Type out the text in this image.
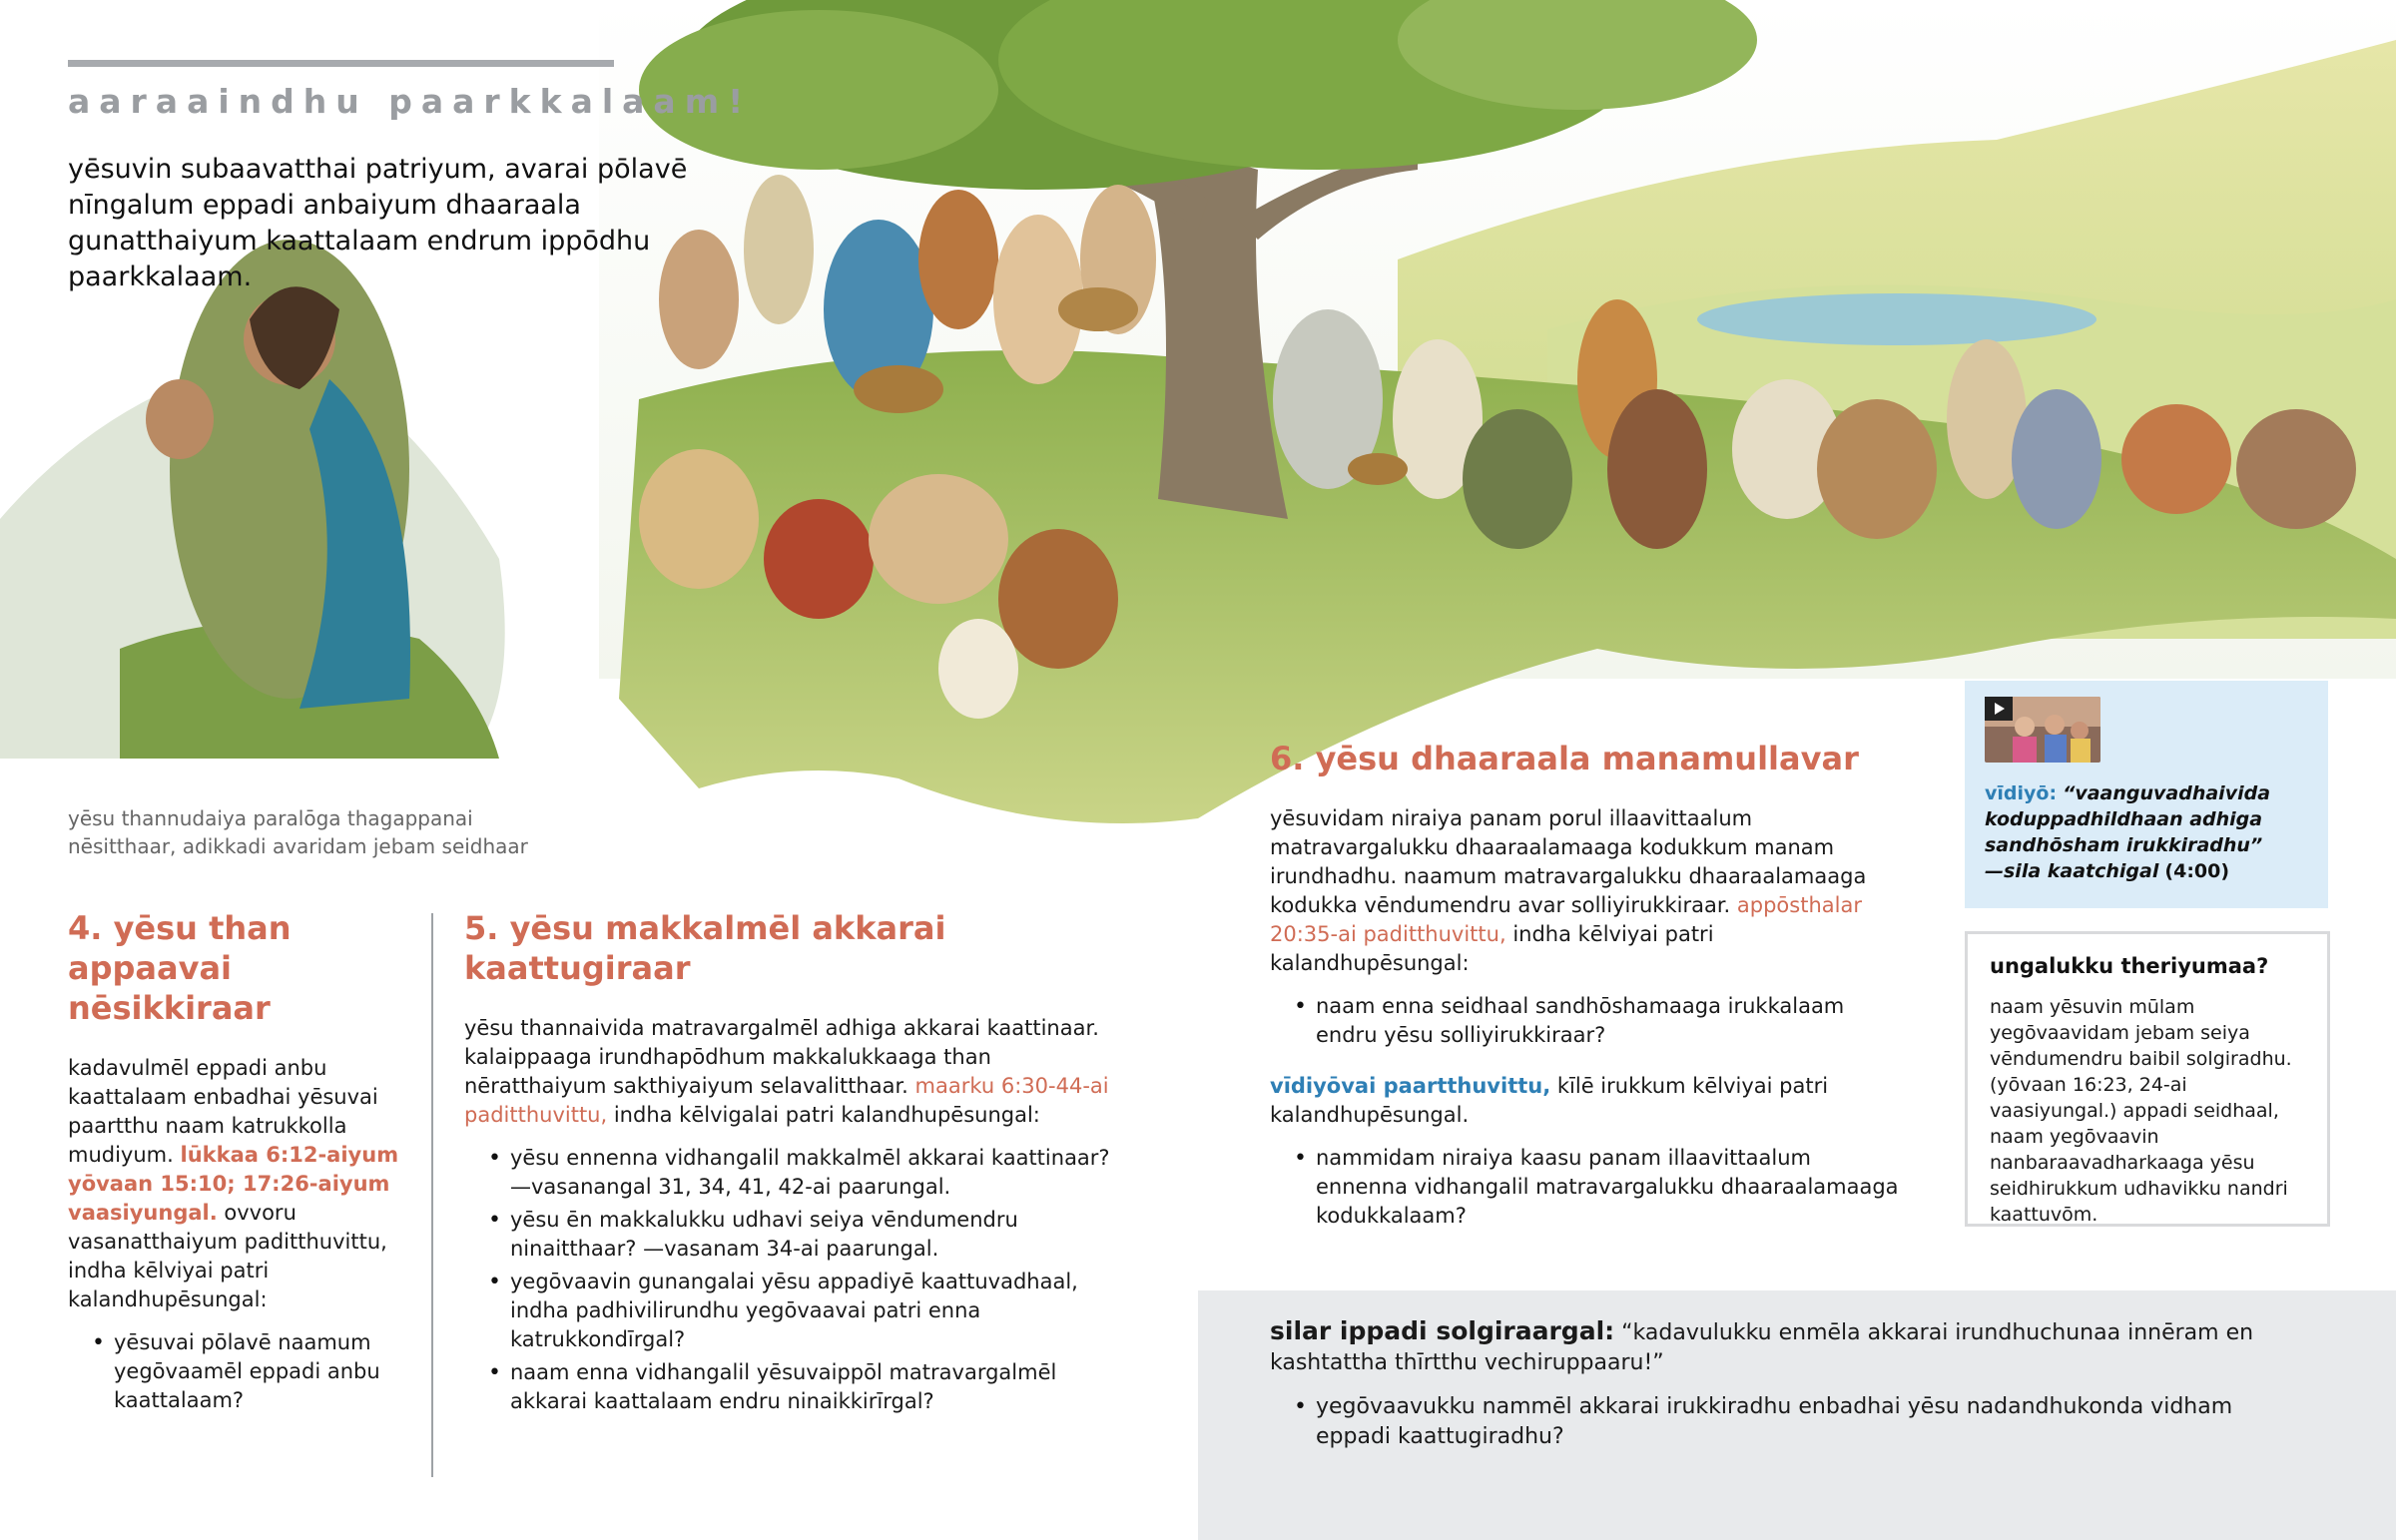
aaraaindhu paarkkalaam!
yēsuvin subaavatthai patriyum, avarai pōlavē nīngalum eppadi anbaiyum dhaaraala gunatthaiyum kaattalaam endrum ippōdhu paarkkalaam.
yēsu thannudaiya paralōga thagappanai nēsitthaar, adikkadi avaridam jebam seidhaar
4. yēsu than appaavai nēsikkiraar
kadavulmēl eppadi anbu kaattalaam enbadhai yēsuvai paartthu naam katrukkolla mudiyum. lūkkaa 6:12-aiyum yōvaan 15:10; 17:26-aiyum vaasiyungal. ovvoru vasanatthaiyum paditthuvittu, indha kēlviyai patri kalandhupēsungal:
• yēsuvai pōlavē naamum yegōvaamēl eppadi anbu kaattalaam?
5. yēsu makkalmēl akkarai kaattugiraar
yēsu thannaivida matravargalmēl adhiga akkarai kaattinaar. kalaippaaga irundhapōdhum makkalukkaaga than nēratthaiyum sakthiyaiyum selavalitthaar. maarku 6:30-44-ai paditthuvittu, indha kēlvigalai patri kalandhupēsungal:
• yēsu ennenna vidhangalil makkalmēl akkarai kaattinaar? —vasanangal 31, 34, 41, 42-ai paarungal.
• yēsu ēn makkalukku udhavi seiya vēndumendru ninaitthaar? —vasanam 34-ai paarungal.
• yegōvaavin gunangalai yēsu appadiyē kaattuvadhaal, indha padhivilirundhu yegōvaavai patri enna katrukkondīrgal?
• naam enna vidhangalil yēsuvaippōl matravargalmēl akkarai kaattalaam endru ninaikkirīrgal?
6. yēsu dhaaraala manamullavar
yēsuvidam niraiya panam porul illaavittaalum matravargalukku dhaaraalamaaga kodukkum manam irundhadhu. naamum matravargalukku dhaaraalamaaga kodukka vēndumendru avar solliyirukkiraar. appōsthalar 20:35-ai paditthuvittu, indha kēlviyai patri kalandhupēsungal:
• naam enna seidhaal sandhōshamaaga irukkalaam endru yēsu solliyirukkiraar?
vīdiyōvai paartthuvittu, kīlē irukkum kēlviyai patri kalandhupēsungal.
• nammidam niraiya kaasu panam illaavittaalum ennenna vidhangalil matravargalukku dhaaraalamaaga kodukkalaam?
vīdiyō: “vaanguvadhaivida koduppadhildhaan adhiga sandhōsham irukkiradhu”
—sila kaatchigal (4:00)
ungalukku theriyumaa?
naam yēsuvin mūlam yegōvaavidam jebam seiya vēndumendru baibil solgiradhu. (yōvaan 16:23, 24-ai vaasiyungal.) appadi seidhaal, naam yegōvaavin nanbaraavadharkaaga yēsu seidhirukkum udhavikku nandri kaattuvōm.
silar ippadi solgiraargal: “kadavulukku enmēla akkarai irundhuchunaa innēram en kashtattha thīrtthu vechiruppaaru!”
• yegōvaavukku nammēl akkarai irukkiradhu enbadhai yēsu nadandhukonda vidham eppadi kaattugiradhu?
